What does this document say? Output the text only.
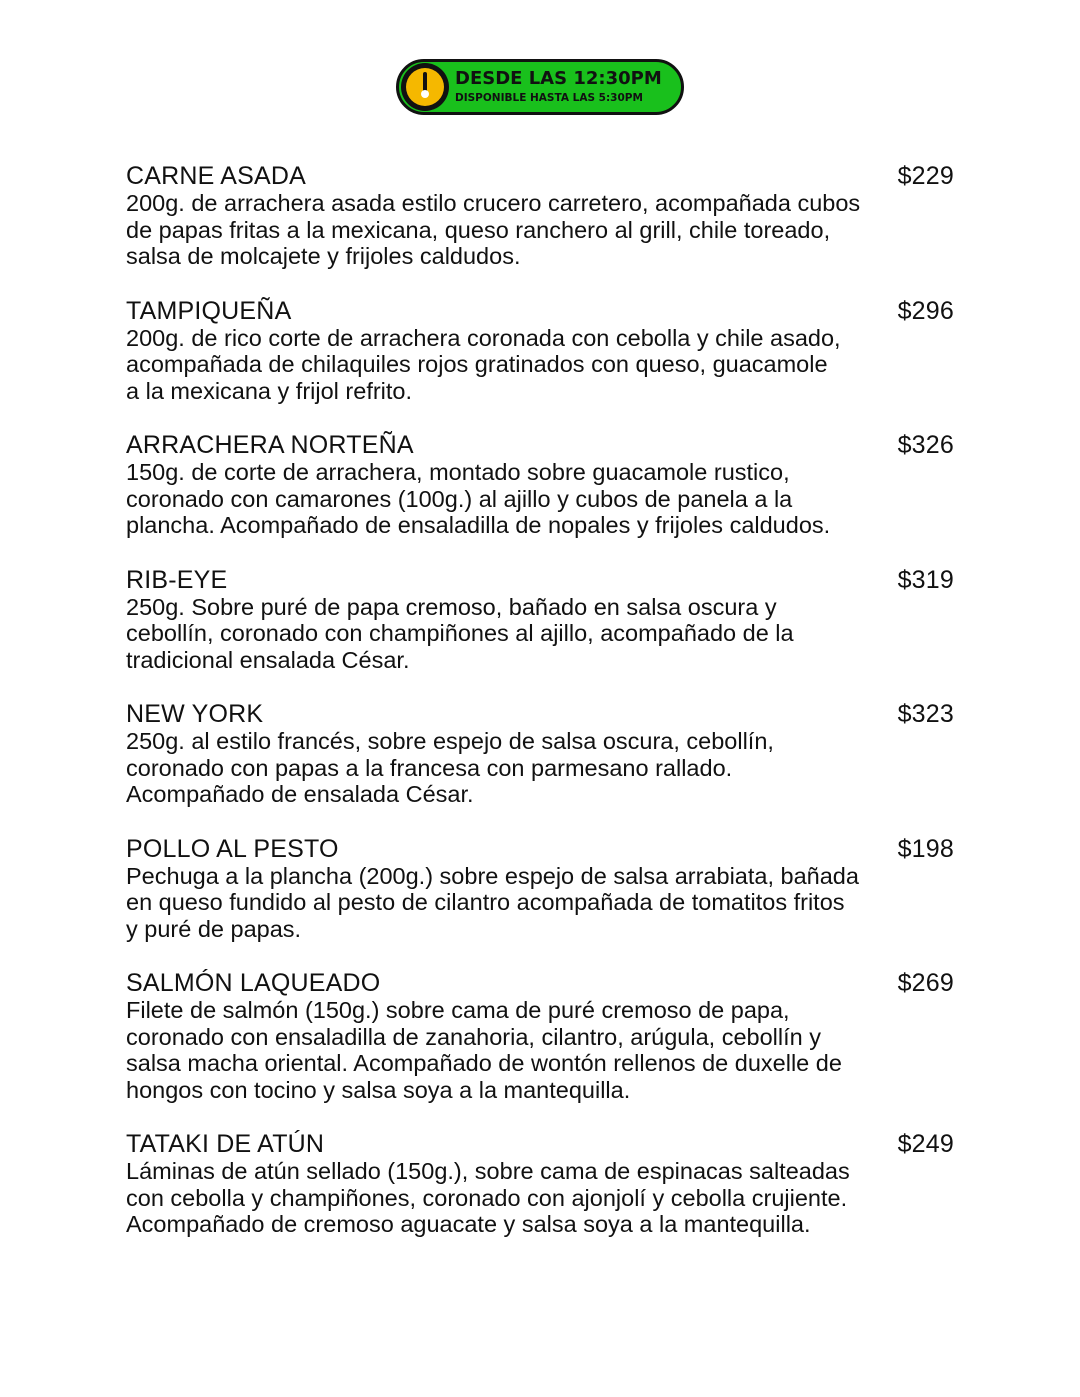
DESDE LAS 12:30PM
DISPONIBLE HASTA LAS 5:30PM
CARNE ASADA	$229
200g. de arrachera asada estilo crucero carretero, acompañada cubos
de papas fritas a la mexicana, queso ranchero al grill, chile toreado,
salsa de molcajete y frijoles caldudos.
TAMPIQUEÑA	$296
200g. de rico corte de arrachera coronada con cebolla y chile asado,
acompañada de chilaquiles rojos gratinados con queso, guacamole
a la mexicana y frijol refrito.
ARRACHERA NORTEÑA	$326
150g. de corte de arrachera, montado sobre guacamole rustico,
coronado con camarones (100g.) al ajillo y cubos de panela a la
plancha. Acompañado de ensaladilla de nopales y frijoles caldudos.
RIB-EYE	$319
250g. Sobre puré de papa cremoso, bañado en salsa oscura y
cebollín, coronado con champiñones al ajillo, acompañado de la
tradicional ensalada César.
NEW YORK	$323
250g. al estilo francés, sobre espejo de salsa oscura, cebollín,
coronado con papas a la francesa con parmesano rallado.
Acompañado de ensalada César.
POLLO AL PESTO	$198
Pechuga a la plancha (200g.) sobre espejo de salsa arrabiata, bañada
en queso fundido al pesto de cilantro acompañada de tomatitos fritos
y puré de papas.
SALMÓN LAQUEADO	$269
Filete de salmón (150g.) sobre cama de puré cremoso de papa,
coronado con ensaladilla de zanahoria, cilantro, arúgula, cebollín y
salsa macha oriental. Acompañado de wontón rellenos de duxelle de
hongos con tocino y salsa soya a la mantequilla.
TATAKI DE ATÚN	$249
Láminas de atún sellado (150g.), sobre cama de espinacas salteadas
con cebolla y champiñones, coronado con ajonjolí y cebolla crujiente.
Acompañado de cremoso aguacate y salsa soya a la mantequilla.
